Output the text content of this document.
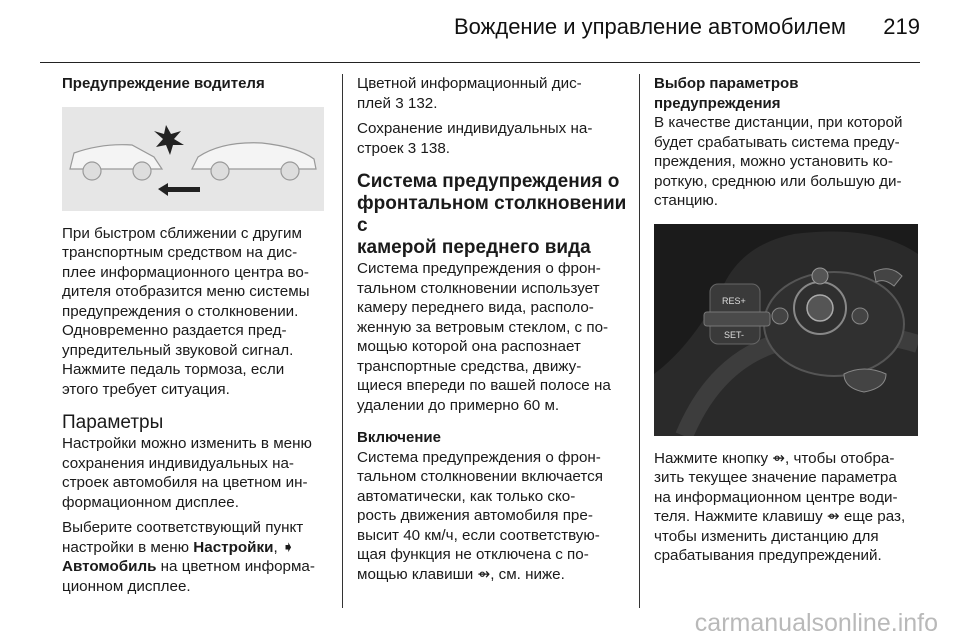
Вождение и управление автомобилем 219

Предупреждение водителя

При быстром сближении с другим
транспортным средством на дис-
плее информационного центра во-
дителя отобразится меню системы
предупреждения о столкновении.
Одновременно раздается пред-
упредительный звуковой сигнал.
Нажмите педаль тормоза, если
этого требует ситуация.

Параметры

Настройки можно изменить в меню
сохранения индивидуальных на-
строек автомобиля на цветном ин-
формационном дисплее.

Выберите соответствующий пункт
настройки в меню Настройки, ➧
Автомобиль на цветном информа-
ционном дисплее.

Цветной информационный дис-
плей 3 132.

Сохранение индивидуальных на-
строек 3 138.

Система предупреждения о
фронтальном столкновении с
камерой переднего вида

Система предупреждения о фрон-
тальном столкновении использует
камеру переднего вида, располо-
женную за ветровым стеклом, с по-
мощью которой она распознает
транспортные средства, движу-
щиеся впереди по вашей полосе на
удалении до примерно 60 м.

Включение

Система предупреждения о фрон-
тальном столкновении включается
автоматически, как только ско-
рость движения автомобиля пре-
высит 40 км/ч, если соответствую-
щая функция не отключена с по-
мощью клавиши ⇴, см. ниже.

Выбор параметров
предупреждения

В качестве дистанции, при которой
будет срабатывать система преду-
преждения, можно установить ко-
роткую, среднюю или большую ди-
станцию.

RES+
SET-

Нажмите кнопку ⇴, чтобы отобра-
зить текущее значение параметра
на информационном центре води-
теля. Нажмите клавишу ⇴ еще раз,
чтобы изменить дистанцию для
срабатывания предупреждений.

carmanualsonline.info
